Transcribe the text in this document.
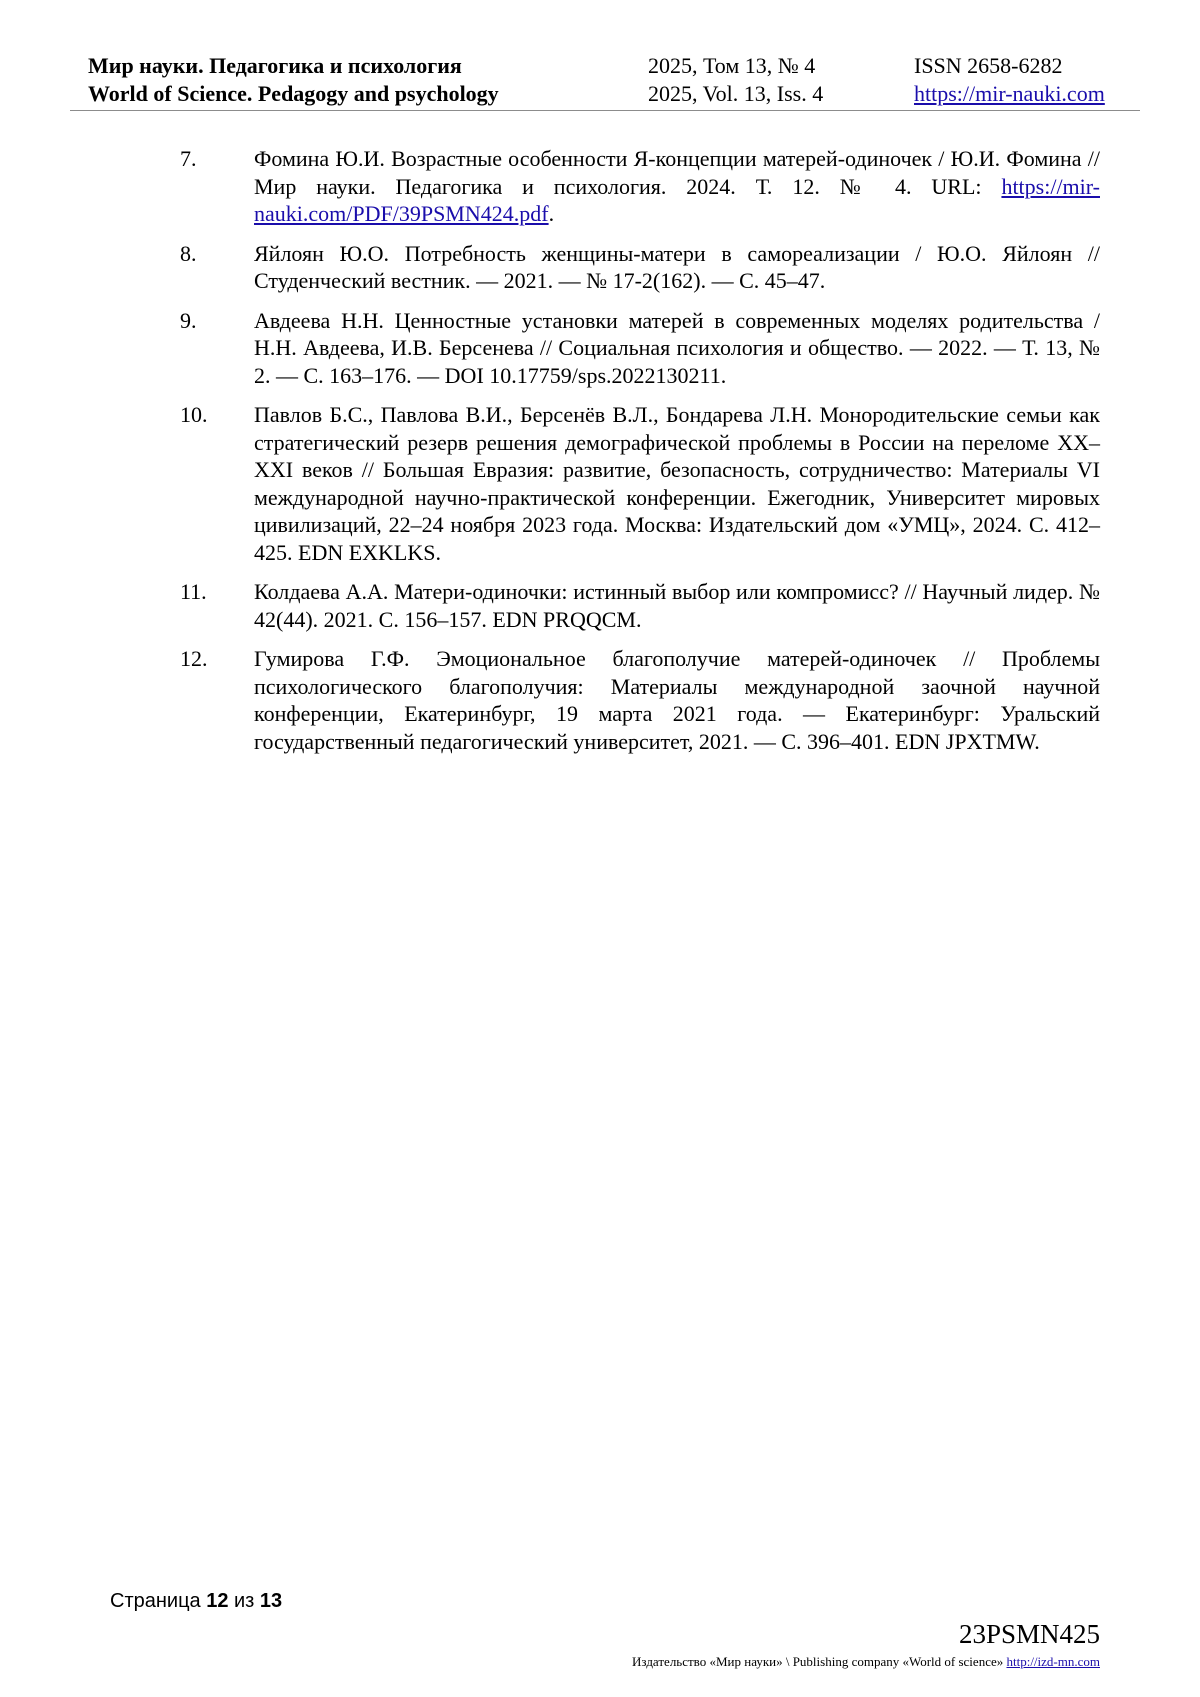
Мир науки. Педагогика и психология
World of Science. Pedagogy and psychology
2025, Том 13, № 4
2025, Vol. 13, Iss. 4
ISSN 2658-6282
https://mir-nauki.com
7.	Фомина Ю.И. Возрастные особенности Я-концепции матерей-одиночек / Ю.И. Фомина // Мир науки. Педагогика и психология. 2024. Т. 12. № 4. URL: https://mir-nauki.com/PDF/39PSMN424.pdf.
8.	Яйлоян Ю.О. Потребность женщины-матери в самореализации / Ю.О. Яйлоян // Студенческий вестник. — 2021. — № 17-2(162). — С. 45–47.
9.	Авдеева Н.Н. Ценностные установки матерей в современных моделях родительства / Н.Н. Авдеева, И.В. Берсенева // Социальная психология и общество. — 2022. — Т. 13, № 2. — С. 163–176. — DOI 10.17759/sps.2022130211.
10. Павлов Б.С., Павлова В.И., Берсенёв В.Л., Бондарева Л.Н. Монородительские семьи как стратегический резерв решения демографической проблемы в России на переломе XX–XXI веков // Большая Евразия: развитие, безопасность, сотрудничество: Материалы VI международной научно-практической конференции. Ежегодник, Университет мировых цивилизаций, 22–24 ноября 2023 года. Москва: Издательский дом «УМЦ», 2024. С. 412–425. EDN EXKLKS.
11. Колдаева А.А. Матери-одиночки: истинный выбор или компромисс? // Научный лидер. № 42(44). 2021. С. 156–157. EDN PRQQCM.
12. Гумирова Г.Ф. Эмоциональное благополучие матерей-одиночек // Проблемы психологического благополучия: Материалы международной заочной научной конференции, Екатеринбург, 19 марта 2021 года. — Екатеринбург: Уральский государственный педагогический университет, 2021. — С. 396–401. EDN JPXTMW.
Страница 12 из 13
23PSMN425
Издательство «Мир науки» \ Publishing company «World of science» http://izd-mn.com
